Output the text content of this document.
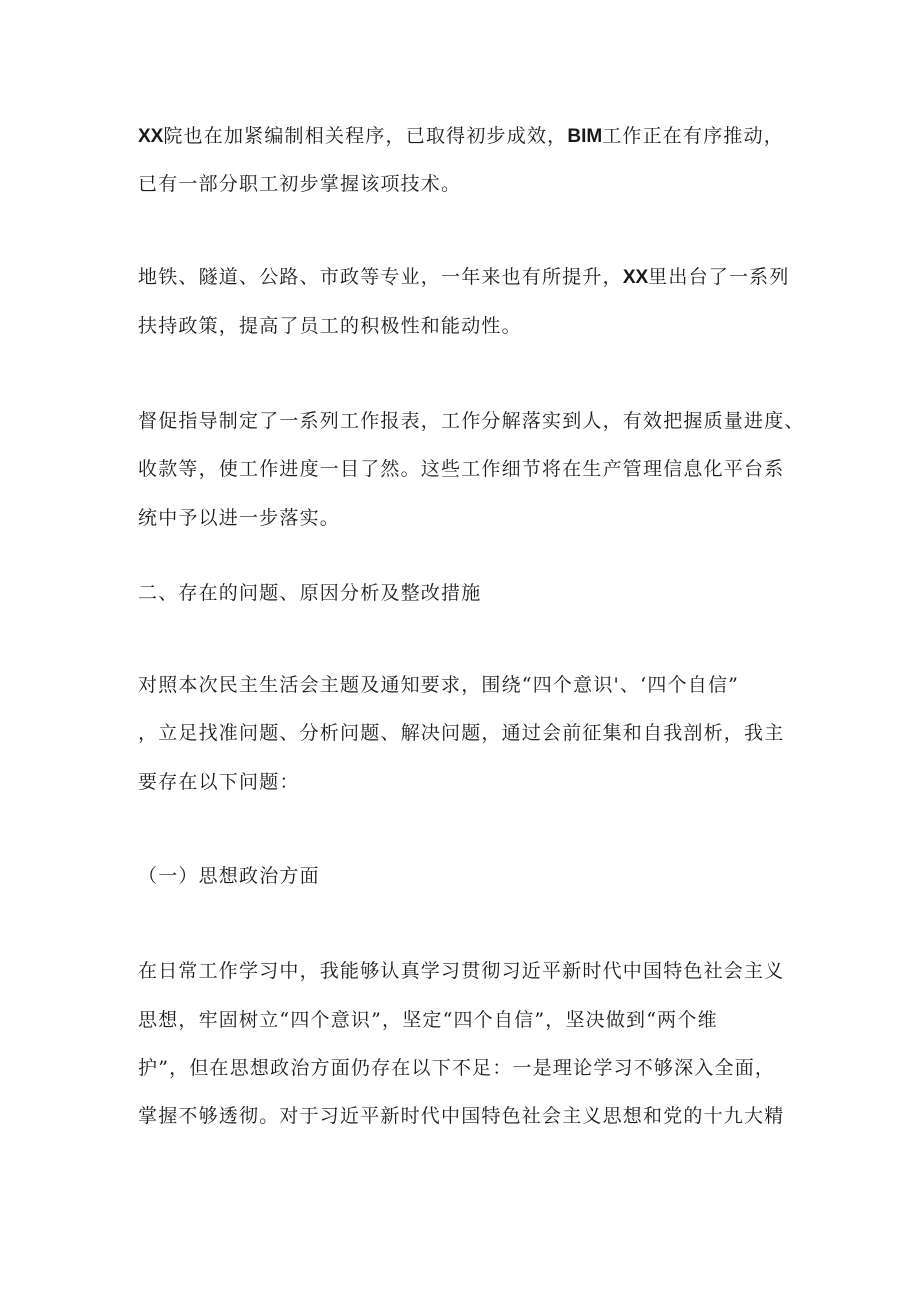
XX院也在加紧编制相关程序，已取得初步成效，BIM工作正在有序推动，
已有一部分职工初步掌握该项技术。
地铁、隧道、公路、市政等专业，一年来也有所提升，XX里出台了一系列
扶持政策，提高了员工的积极性和能动性。
督促指导制定了一系列工作报表，工作分解落实到人，有效把握质量进度、
收款等，使工作进度一目了然。这些工作细节将在生产管理信息化平台系
统中予以进一步落实。
二、存在的问题、原因分析及整改措施
对照本次民主生活会主题及通知要求，围绕“四个意识'、‘四个自信”
，立足找准问题、分析问题、解决问题，通过会前征集和自我剖析，我主
要存在以下问题：
（一）思想政治方面
在日常工作学习中，我能够认真学习贯彻习近平新时代中国特色社会主义
思想，牢固树立“四个意识”，坚定“四个自信”，坚决做到“两个维
护”，但在思想政治方面仍存在以下不足：一是理论学习不够深入全面，
掌握不够透彻。对于习近平新时代中国特色社会主义思想和党的十九大精
